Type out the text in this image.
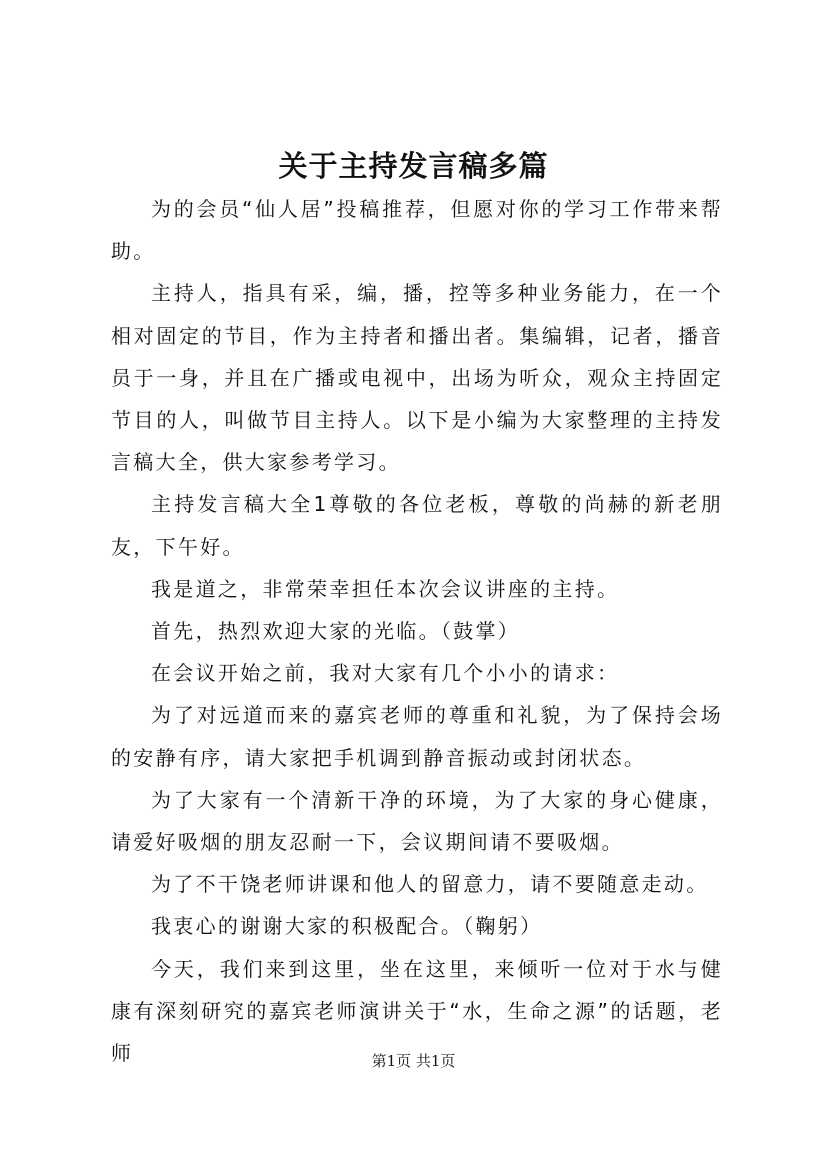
关于主持发言稿多篇

为的会员“仙人居”投稿推荐，但愿对你的学习工作带来帮助。

主持人，指具有采，编，播，控等多种业务能力，在一个相对固定的节目，作为主持者和播出者。集编辑，记者，播音员于一身，并且在广播或电视中，出场为听众，观众主持固定节目的人，叫做节目主持人。以下是小编为大家整理的主持发言稿大全，供大家参考学习。

主持发言稿大全1尊敬的各位老板，尊敬的尚赫的新老朋友，下午好。

我是道之，非常荣幸担任本次会议讲座的主持。

首先，热烈欢迎大家的光临。（鼓掌）

在会议开始之前，我对大家有几个小小的请求：

为了对远道而来的嘉宾老师的尊重和礼貌，为了保持会场的安静有序，请大家把手机调到静音振动或封闭状态。

为了大家有一个清新干净的环境，为了大家的身心健康，请爱好吸烟的朋友忍耐一下，会议期间请不要吸烟。

为了不干饶老师讲课和他人的留意力，请不要随意走动。

我衷心的谢谢大家的积极配合。（鞠躬）

今天，我们来到这里，坐在这里，来倾听一位对于水与健康有深刻研究的嘉宾老师演讲关于“水，生命之源”的话题，老师	第1页 共1页
